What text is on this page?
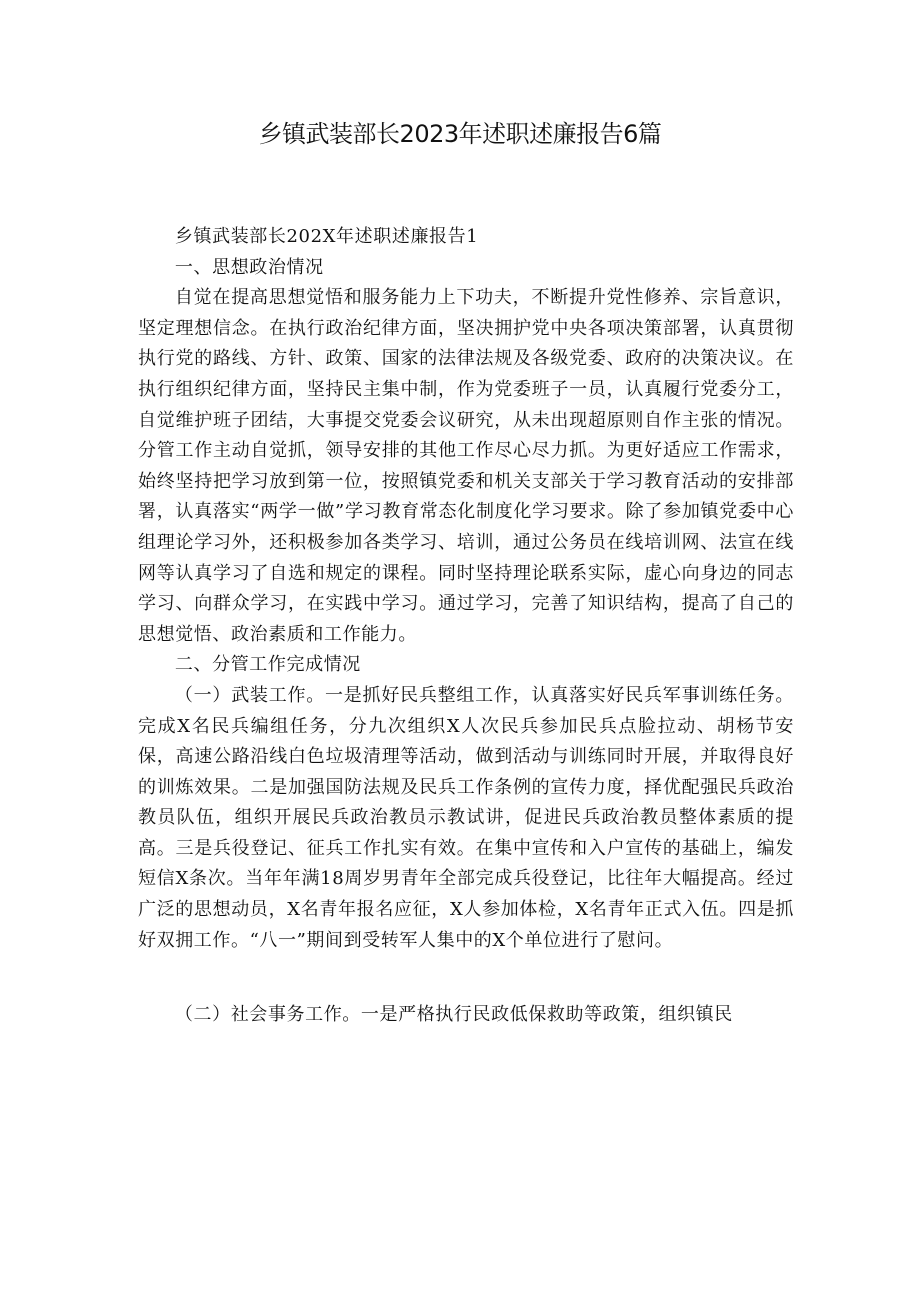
乡镇武装部长2023年述职述廉报告6篇

乡镇武装部长202X年述职述廉报告1

一、思想政治情况

自觉在提高思想觉悟和服务能力上下功夫，不断提升党性修养、宗旨意识，坚定理想信念。在执行政治纪律方面，坚决拥护党中央各项决策部署，认真贯彻执行党的路线、方针、政策、国家的法律法规及各级党委、政府的决策决议。在执行组织纪律方面，坚持民主集中制，作为党委班子一员，认真履行党委分工，自觉维护班子团结，大事提交党委会议研究，从未出现超原则自作主张的情况。分管工作主动自觉抓，领导安排的其他工作尽心尽力抓。为更好适应工作需求，始终坚持把学习放到第一位，按照镇党委和机关支部关于学习教育活动的安排部署，认真落实“两学一做”学习教育常态化制度化学习要求。除了参加镇党委中心组理论学习外，还积极参加各类学习、培训，通过公务员在线培训网、法宣在线网等认真学习了自选和规定的课程。同时坚持理论联系实际，虚心向身边的同志学习、向群众学习，在实践中学习。通过学习，完善了知识结构，提高了自己的思想觉悟、政治素质和工作能力。

二、分管工作完成情况

（一）武装工作。一是抓好民兵整组工作，认真落实好民兵军事训练任务。完成X名民兵编组任务，分九次组织X人次民兵参加民兵点脸拉动、胡杨节安保，高速公路沿线白色垃圾清理等活动，做到活动与训练同时开展，并取得良好的训炼效果。二是加强国防法规及民兵工作条例的宣传力度，择优配强民兵政治教员队伍，组织开展民兵政治教员示教试讲，促进民兵政治教员整体素质的提高。三是兵役登记、征兵工作扎实有效。在集中宣传和入户宣传的基础上，编发短信X条次。当年年满18周岁男青年全部完成兵役登记，比往年大幅提高。经过广泛的思想动员，X名青年报名应征，X人参加体检，X名青年正式入伍。四是抓好双拥工作。“八一”期间到受转军人集中的X个单位进行了慰问。

（二）社会事务工作。一是严格执行民政低保救助等政策，组织镇民
